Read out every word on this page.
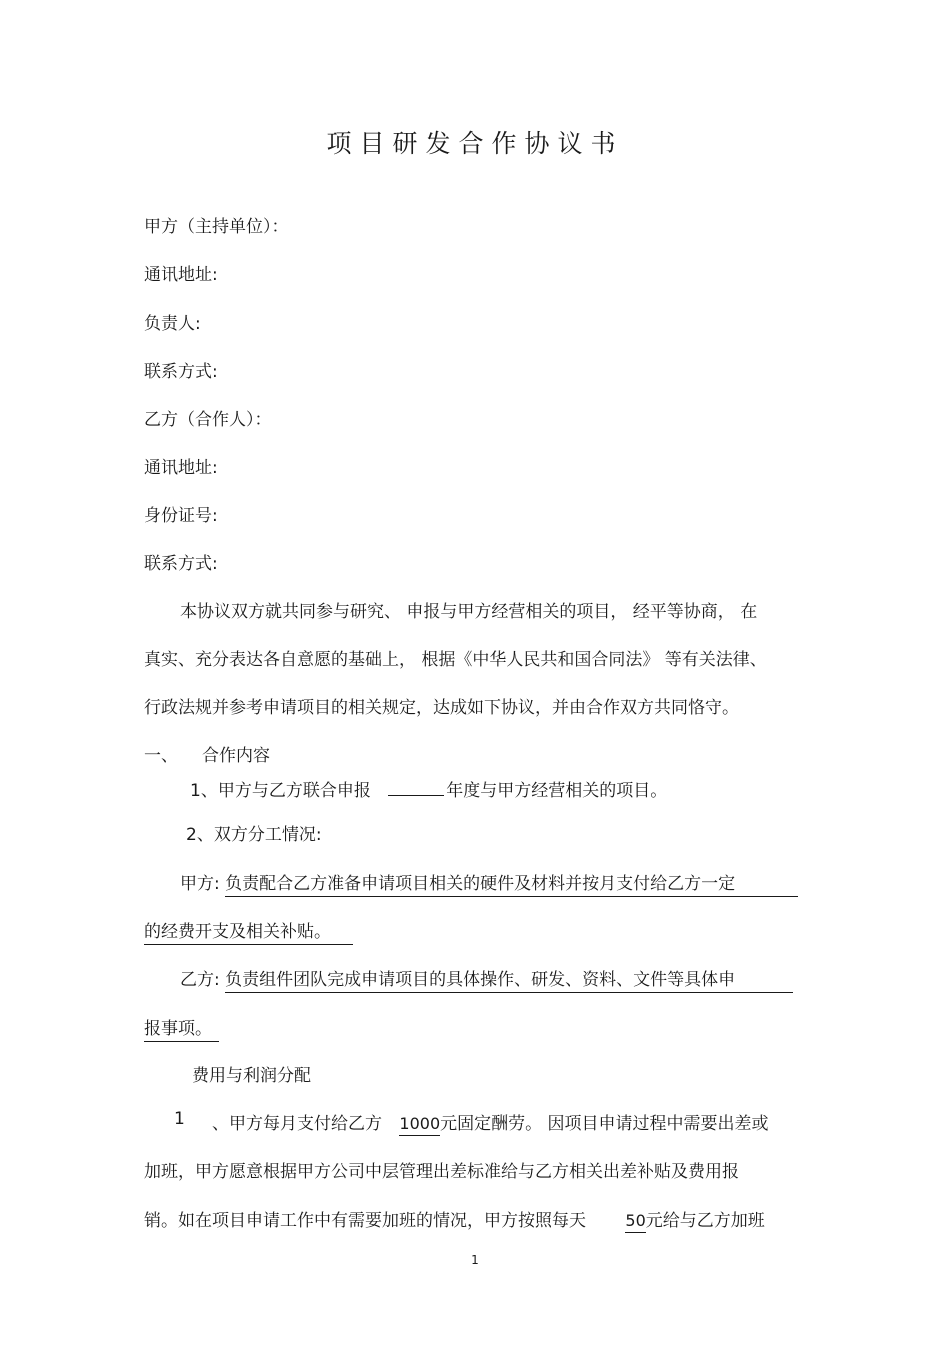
项目研发合作协议书
甲方（主持单位）：
通讯地址:
负责人:
联系方式:
乙方（合作人）：
通讯地址:
身份证号:
联系方式:
本协议双方就共同参与研究、 申报与甲方经营相关的项目， 经平等协商， 在
真实、充分表达各自意愿的基础上， 根据《中华人民共和国合同法》 等有关法律、
行政法规并参考申请项目的相关规定，达成如下协议，并由合作双方共同恪守。
一、 合作内容
1、甲方与乙方联合申报	年度与甲方经营相关的项目。
2、双方分工情况:
甲方: 负责配合乙方准备申请项目相关的硬件及材料并按月支付给乙方一定
的经费开支及相关补贴。
乙方: 负责组件团队完成申请项目的具体操作、研发、资料、文件等具体申
报事项。
费用与利润分配
1 、甲方每月支付给乙方 1000元固定酬劳。 因项目申请过程中需要出差或
加班，甲方愿意根据甲方公司中层管理出差标准给与乙方相关出差补贴及费用报
销。如在项目申请工作中有需要加班的情况，甲方按照每天 50元给与乙方加班
1
